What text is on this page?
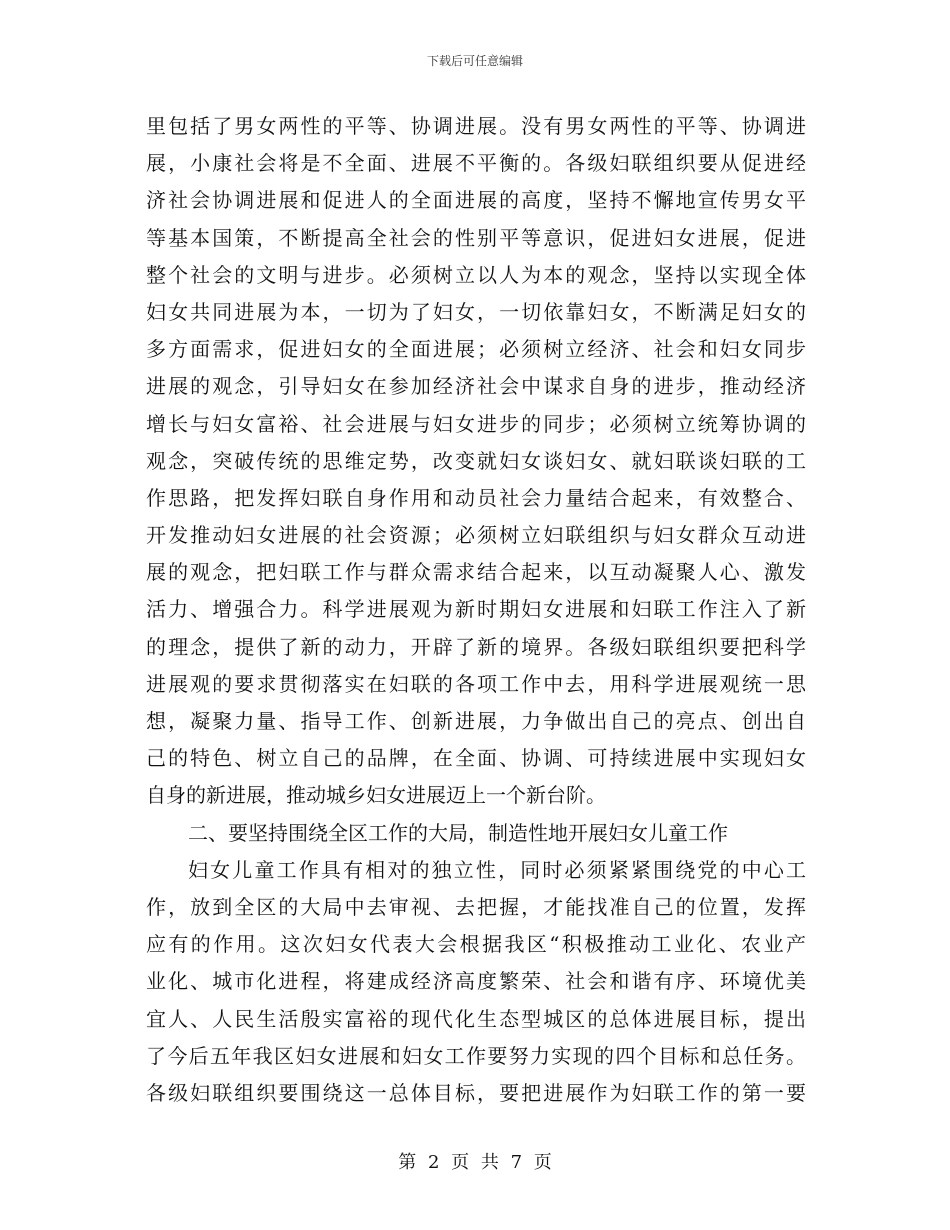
下载后可任意编辑
里包括了男女两性的平等、协调进展。没有男女两性的平等、协调进
展，小康社会将是不全面、进展不平衡的。各级妇联组织要从促进经
济社会协调进展和促进人的全面进展的高度，坚持不懈地宣传男女平
等基本国策，不断提高全社会的性别平等意识，促进妇女进展，促进
整个社会的文明与进步。必须树立以人为本的观念，坚持以实现全体
妇女共同进展为本，一切为了妇女，一切依靠妇女，不断满足妇女的
多方面需求，促进妇女的全面进展；必须树立经济、社会和妇女同步
进展的观念，引导妇女在参加经济社会中谋求自身的进步，推动经济
增长与妇女富裕、社会进展与妇女进步的同步；必须树立统筹协调的
观念，突破传统的思维定势，改变就妇女谈妇女、就妇联谈妇联的工
作思路，把发挥妇联自身作用和动员社会力量结合起来，有效整合、
开发推动妇女进展的社会资源；必须树立妇联组织与妇女群众互动进
展的观念，把妇联工作与群众需求结合起来，以互动凝聚人心、激发
活力、增强合力。科学进展观为新时期妇女进展和妇联工作注入了新
的理念，提供了新的动力，开辟了新的境界。各级妇联组织要把科学
进展观的要求贯彻落实在妇联的各项工作中去，用科学进展观统一思
想，凝聚力量、指导工作、创新进展，力争做出自己的亮点、创出自
己的特色、树立自己的品牌，在全面、协调、可持续进展中实现妇女
自身的新进展，推动城乡妇女进展迈上一个新台阶。
二、要坚持围绕全区工作的大局，制造性地开展妇女儿童工作
妇女儿童工作具有相对的独立性，同时必须紧紧围绕党的中心工
作，放到全区的大局中去审视、去把握，才能找准自己的位置，发挥
应有的作用。这次妇女代表大会根据我区“积极推动工业化、农业产
业化、城市化进程，将建成经济高度繁荣、社会和谐有序、环境优美
宜人、人民生活殷实富裕的现代化生态型城区的总体进展目标，提出
了今后五年我区妇女进展和妇女工作要努力实现的四个目标和总任务。
各级妇联组织要围绕这一总体目标，要把进展作为妇联工作的第一要
第 2 页 共 7 页
